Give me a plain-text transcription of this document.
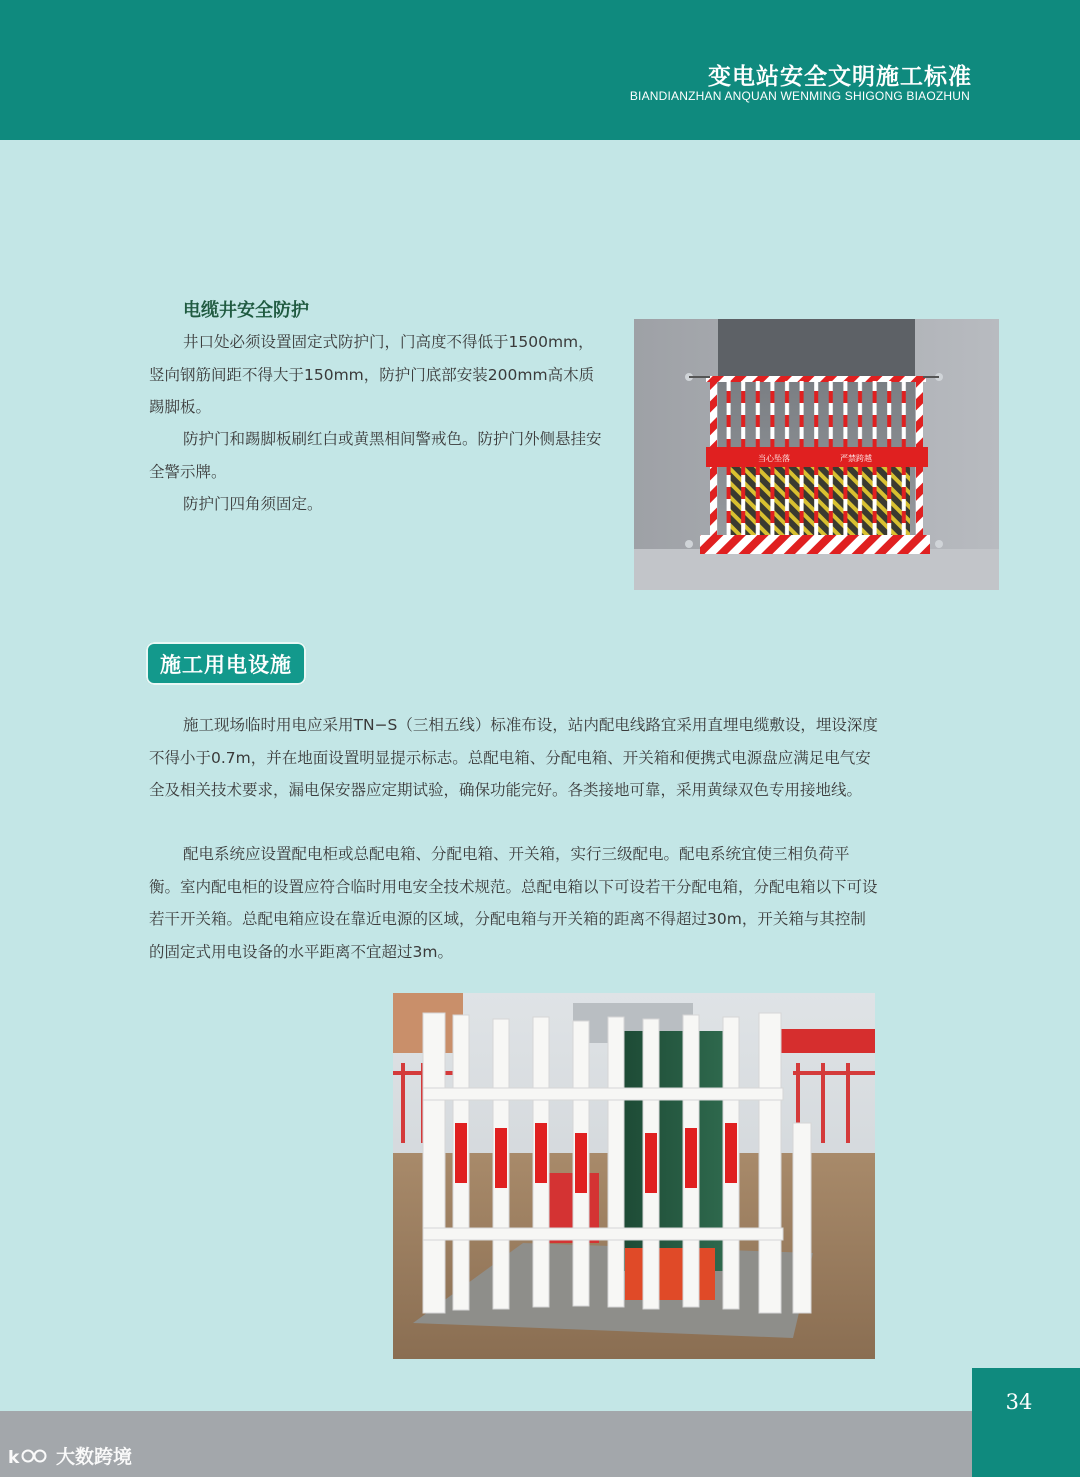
变电站安全文明施工标准
BIANDIANZHAN ANQUAN WENMING SHIGONG BIAOZHUN
电缆井安全防护

井口处必须设置固定式防护门，门高度不得低于1500mm，竖向钢筋间距不得大于150mm，防护门底部安装200mm高木质踢脚板。

防护门和踢脚板刷红白或黄黑相间警戒色。防护门外侧悬挂安全警示牌。

防护门四角须固定。

当心坠落	严禁跨越
施工用电设施

施工现场临时用电应采用TN−S（三相五线）标准布设，站内配电线路宜采用直埋电缆敷设，埋设深度不得小于0.7m，并在地面设置明显提示标志。总配电箱、分配电箱、开关箱和便携式电源盘应满足电气安全及相关技术要求，漏电保安器应定期试验，确保功能完好。各类接地可靠，采用黄绿双色专用接地线。

配电系统应设置配电柜或总配电箱、分配电箱、开关箱，实行三级配电。配电系统宜使三相负荷平衡。室内配电柜的设置应符合临时用电安全技术规范。总配电箱以下可设若干分配电箱，分配电箱以下可设若干开关箱。总配电箱应设在靠近电源的区域，分配电箱与开关箱的距离不得超过30m，开关箱与其控制的固定式用电设备的水平距离不宜超过3m。

34
k 大数跨境
